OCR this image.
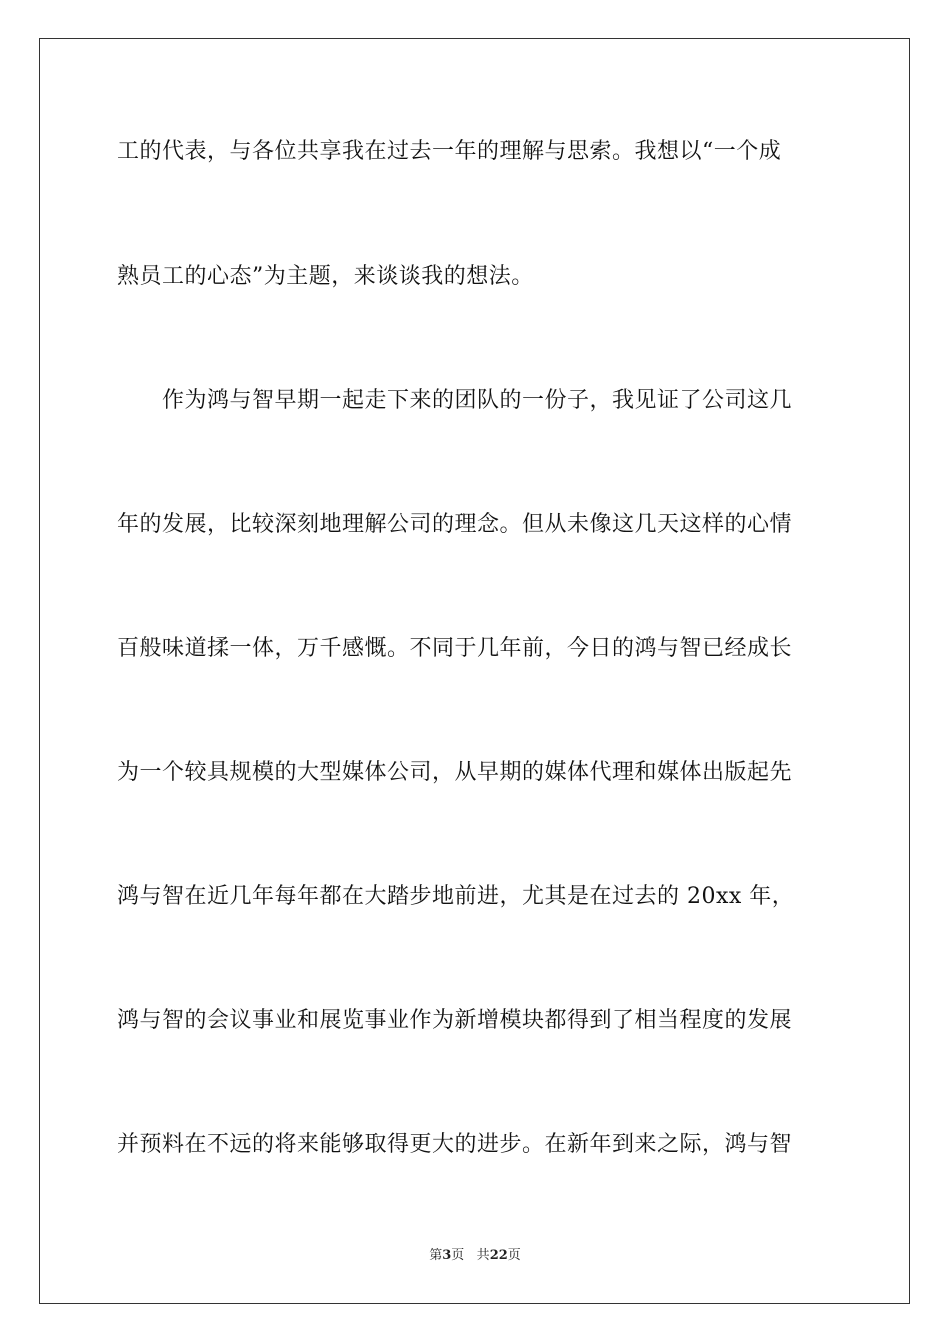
工的代表，与各位共享我在过去一年的理解与思索。我想以“一个成
熟员工的心态”为主题，来谈谈我的想法。
　　作为鸿与智早期一起走下来的团队的一份子，我见证了公司这几
年的发展，比较深刻地理解公司的理念。但从未像这几天这样的心情
百般味道揉一体，万千感慨。不同于几年前，今日的鸿与智已经成长
为一个较具规模的大型媒体公司，从早期的媒体代理和媒体出版起先
鸿与智在近几年每年都在大踏步地前进，尤其是在过去的 20xx 年，
鸿与智的会议事业和展览事业作为新增模块都得到了相当程度的发展
并预料在不远的将来能够取得更大的进步。在新年到来之际，鸿与智
第3页 共22页
